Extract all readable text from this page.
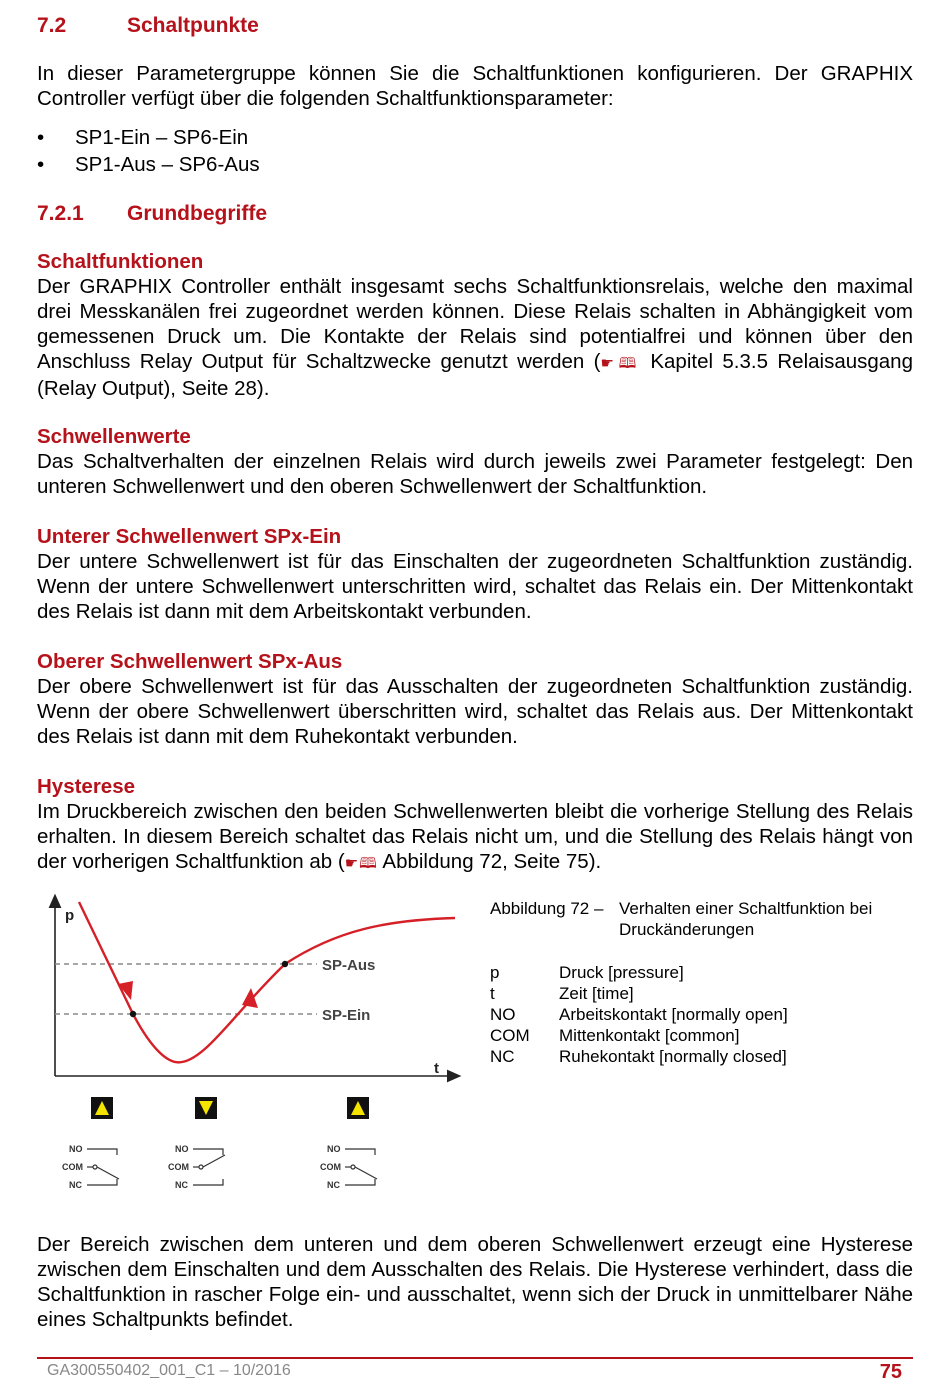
7.2	Schaltpunkte
In dieser Parametergruppe können Sie die Schaltfunktionen konfigurieren. Der GRAPHIX Controller verfügt über die folgenden Schaltfunktionsparameter:
• SP1-Ein – SP6-Ein
• SP1-Aus – SP6-Aus
7.2.1 Grundbegriffe
Schaltfunktionen
Der GRAPHIX Controller enthält insgesamt sechs Schaltfunktionsrelais, welche den maximal drei Messkanälen frei zugeordnet werden können. Diese Relais schalten in Abhängigkeit vom gemessenen Druck um. Die Kontakte der Relais sind potentialfrei und können über den Anschluss Relay Output für Schaltzwecke genutzt werden (☛🕮 Kapitel 5.3.5 Relaisausgang (Relay Output), Seite 28).
Schwellenwerte
Das Schaltverhalten der einzelnen Relais wird durch jeweils zwei Parameter festgelegt: Den unteren Schwellenwert und den oberen Schwellenwert der Schaltfunktion.
Unterer Schwellenwert SPx-Ein
Der untere Schwellenwert ist für das Einschalten der zugeordneten Schaltfunktion zuständig. Wenn der untere Schwellenwert unterschritten wird, schaltet das Relais ein. Der Mittenkontakt des Relais ist dann mit dem Arbeitskontakt verbunden.
Oberer Schwellenwert SPx-Aus
Der obere Schwellenwert ist für das Ausschalten der zugeordneten Schaltfunktion zuständig. Wenn der obere Schwellenwert überschritten wird, schaltet das Relais aus. Der Mittenkontakt des Relais ist dann mit dem Ruhekontakt verbunden.
Hysterese
Im Druckbereich zwischen den beiden Schwellenwerten bleibt die vorherige Stellung des Relais erhalten. In diesem Bereich schaltet das Relais nicht um, und die Stellung des Relais hängt von der vorherigen Schaltfunktion ab (☛🕮 Abbildung 72, Seite 75).
p
t
SP-Aus
SP-Ein
NO
COM
NC
NO
COM
NC
NO
COM
NC
Abbildung 72 – Verhalten einer Schaltfunktion bei Druckänderungen
p	Druck [pressure]
t	Zeit [time]
NO	Arbeitskontakt [normally open]
COM Mittenkontakt [common]
NC	Ruhekontakt [normally closed]
Der Bereich zwischen dem unteren und dem oberen Schwellenwert erzeugt eine Hysterese zwischen dem Einschalten und dem Ausschalten des Relais. Die Hysterese verhindert, dass die Schaltfunktion in rascher Folge ein- und ausschaltet, wenn sich der Druck in unmittelbarer Nähe eines Schaltpunkts befindet.
GA300550402_001_C1 – 10/2016	75
